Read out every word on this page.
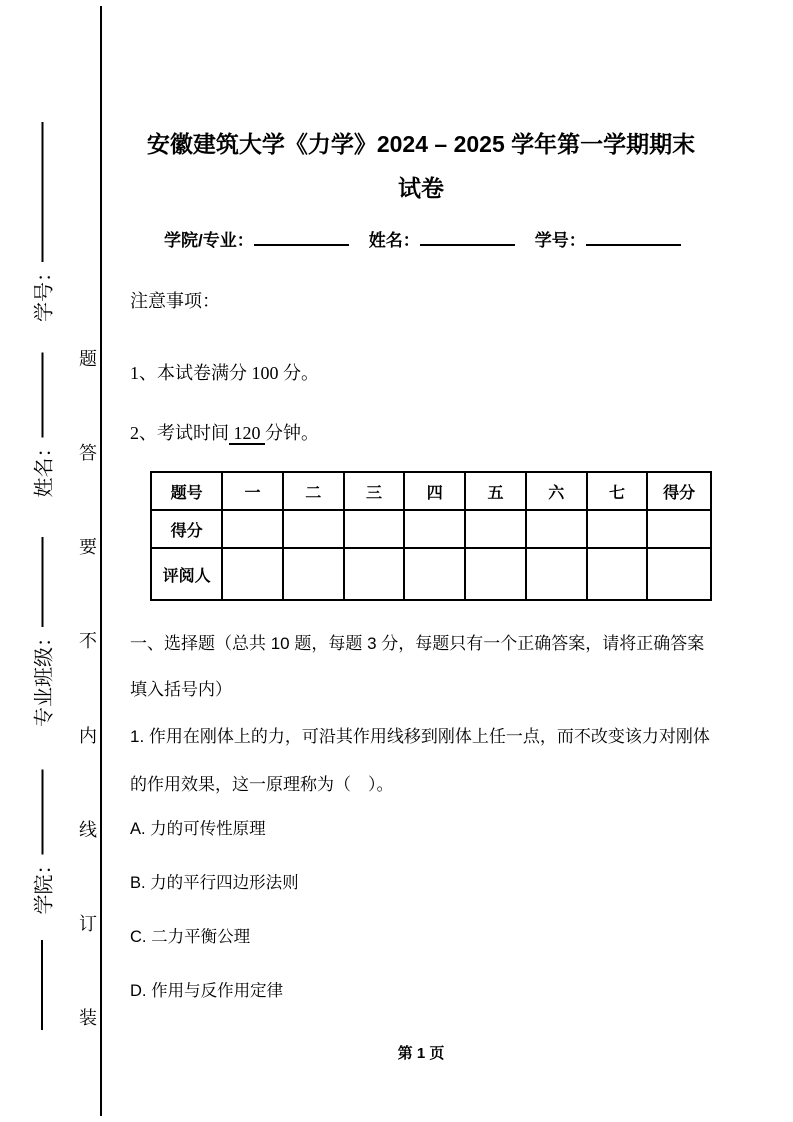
学号：
姓名：
专业班级：
学院：
题
答
要
不
内
线
订
装
安徽建筑大学《力学》2024 – 2025 学年第一学期期末
试卷
学院/专业：	姓名：	学号：

注意事项：

1、本试卷满分 100 分。

2、考试时间 120 分钟。

题号	一	二	三	四	五	六	七	得分
得分								
评阅人								

一、选择题（总共 10 题，每题 3 分，每题只有一个正确答案，请将正确答案填入括号内）

1. 作用在刚体上的力，可沿其作用线移到刚体上任一点，而不改变该力对刚体的作用效果，这一原理称为（　）。

A. 力的可传性原理

B. 力的平行四边形法则

C. 二力平衡公理

D. 作用与反作用定律

第 1 页
